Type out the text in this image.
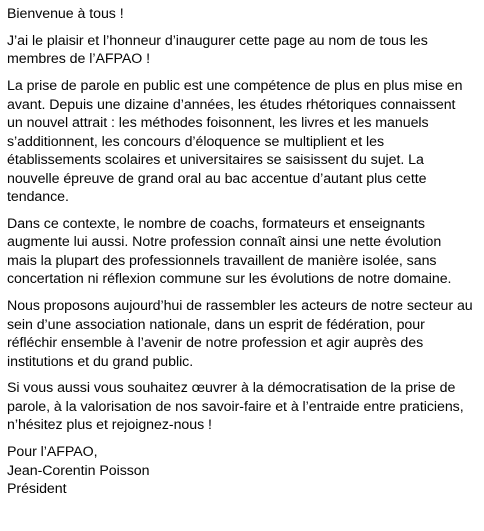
Bienvenue à tous !

J’ai le plaisir et l’honneur d’inaugurer cette page au nom de tous les membres de l’AFPAO !

La prise de parole en public est une compétence de plus en plus mise en avant. Depuis une dizaine d’années, les études rhétoriques connaissent un nouvel attrait : les méthodes foisonnent, les livres et les manuels s’additionnent, les concours d’éloquence se multiplient et les établissements scolaires et universitaires se saisissent du sujet. La nouvelle épreuve de grand oral au bac accentue d’autant plus cette tendance.

Dans ce contexte, le nombre de coachs, formateurs et enseignants augmente lui aussi. Notre profession connaît ainsi une nette évolution mais la plupart des professionnels travaillent de manière isolée, sans concertation ni réflexion commune sur les évolutions de notre domaine.

Nous proposons aujourd’hui de rassembler les acteurs de notre secteur au sein d’une association nationale, dans un esprit de fédération, pour réfléchir ensemble à l’avenir de notre profession et agir auprès des institutions et du grand public.

Si vous aussi vous souhaitez œuvrer à la démocratisation de la prise de parole, à la valorisation de nos savoir-faire et à l’entraide entre praticiens, n’hésitez plus et rejoignez-nous !

Pour l’AFPAO,
Jean-Corentin Poisson
Président
